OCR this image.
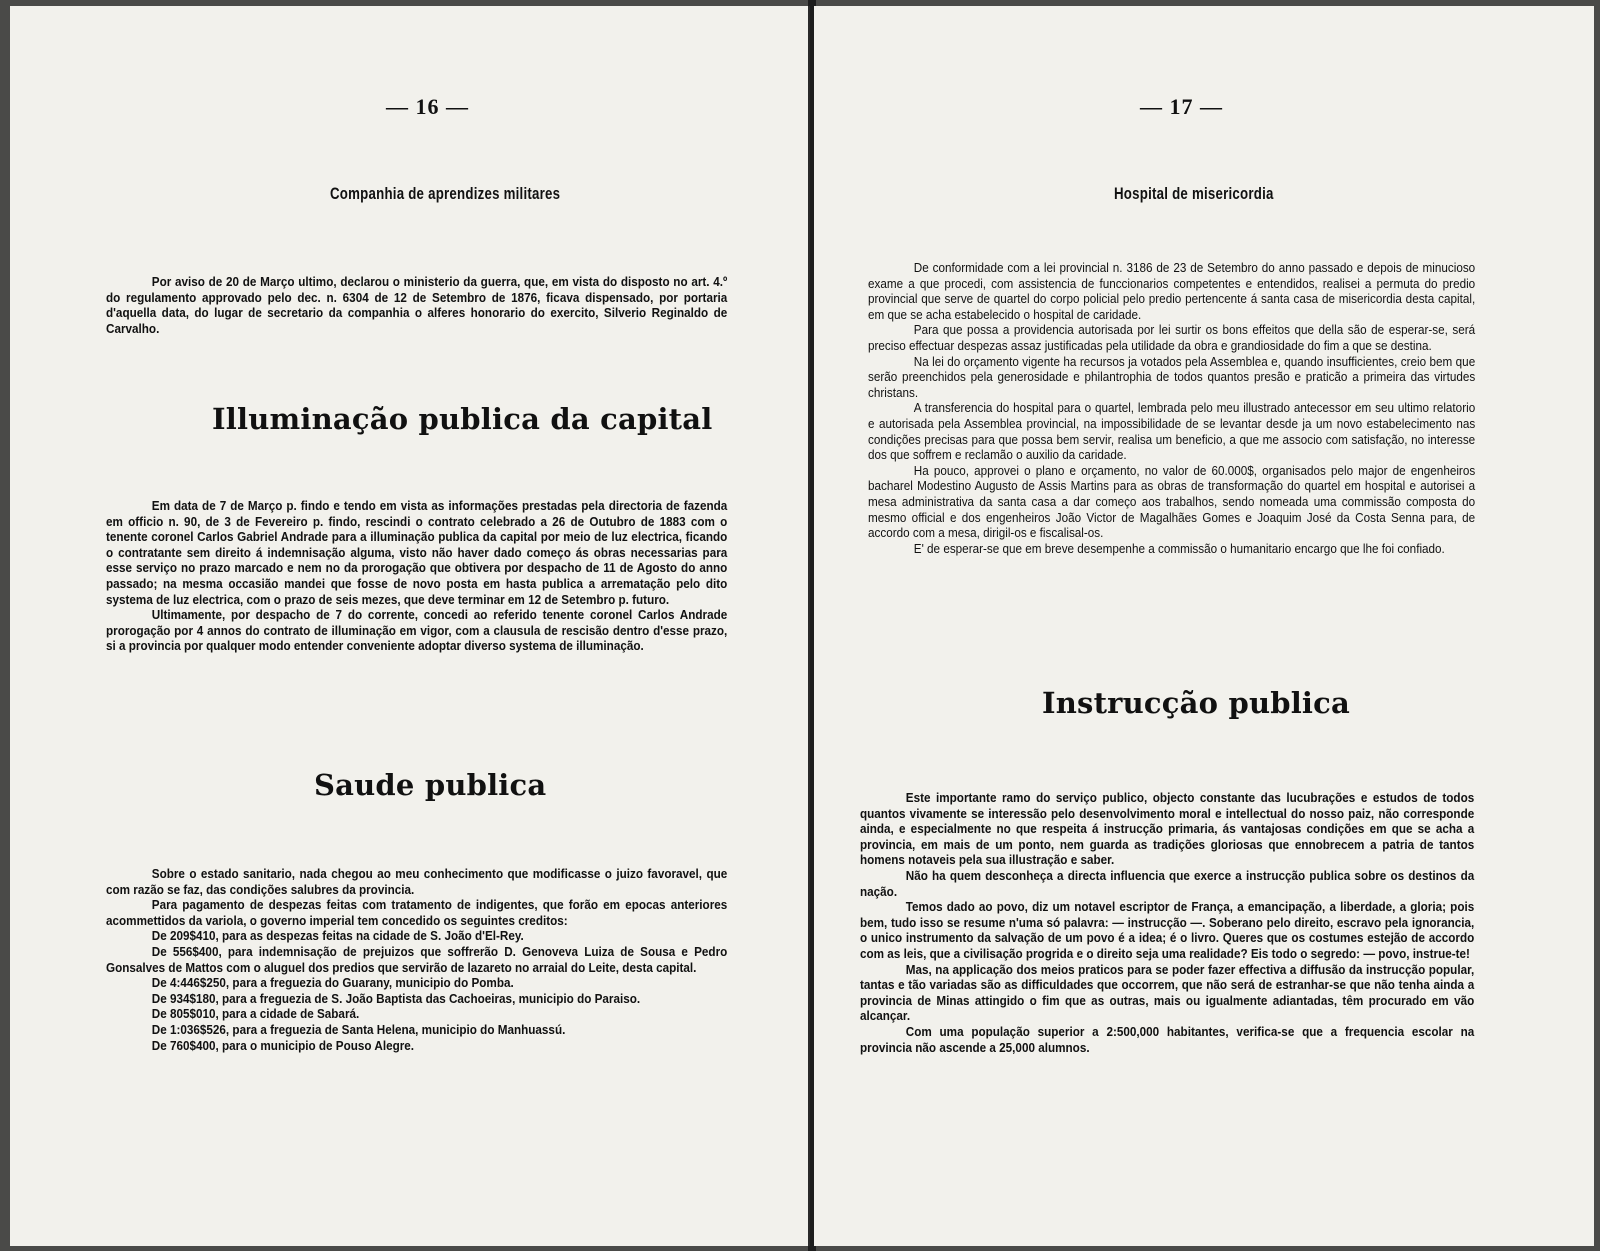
— 16 —
Companhia de aprendizes militares

Por aviso de 20 de Março ultimo, declarou o ministerio da guerra, que, em vista do disposto no art. 4.º do regulamento approvado pelo dec. n. 6304 de 12 de Setembro de 1876, ficava dispensado, por portaria d'aquella data, do lugar de secretario da companhia o alferes honorario do exercito, Silverio Reginaldo de Carvalho.

Illuminação publica da capital

Em data de 7 de Março p. findo e tendo em vista as informações prestadas pela directoria de fazenda em officio n. 90, de 3 de Fevereiro p. findo, rescindi o contrato celebrado a 26 de Outubro de 1883 com o tenente coronel Carlos Gabriel Andrade para a illuminação publica da capital por meio de luz electrica, ficando o contratante sem direito á indemnisação alguma, visto não haver dado começo ás obras necessarias para esse serviço no prazo marcado e nem no da prorogação que obtivera por despacho de 11 de Agosto do anno passado; na mesma occasião mandei que fosse de novo posta em hasta publica a arrematação pelo dito systema de luz electrica, com o prazo de seis mezes, que deve terminar em 12 de Setembro p. futuro.

Ultimamente, por despacho de 7 do corrente, concedi ao referido tenente coronel Carlos Andrade prorogação por 4 annos do contrato de illuminação em vigor, com a clausula de rescisão dentro d'esse prazo, si a provincia por qualquer modo entender conveniente adoptar diverso systema de illuminação.

Saude publica

Sobre o estado sanitario, nada chegou ao meu conhecimento que modificasse o juizo favoravel, que com razão se faz, das condições salubres da provincia.

Para pagamento de despezas feitas com tratamento de indigentes, que forão em epocas anteriores acommettidos da variola, o governo imperial tem concedido os seguintes creditos:

De 209$410, para as despezas feitas na cidade de S. João d'El-Rey.

De 556$400, para indemnisação de prejuizos que soffrerão D. Genoveva Luiza de Sousa e Pedro Gonsalves de Mattos com o aluguel dos predios que servirão de lazareto no arraial do Leite, desta capital.

De 4:446$250, para a freguezia do Guarany, municipio do Pomba.

De 934$180, para a freguezia de S. João Baptista das Cachoeiras, municipio do Paraiso.

De 805$010, para a cidade de Sabará.

De 1:036$526, para a freguezia de Santa Helena, municipio do Manhuassú.

De 760$400, para o municipio de Pouso Alegre.

— 17 —
Hospital de misericordia

De conformidade com a lei provincial n. 3186 de 23 de Setembro do anno passado e depois de minucioso exame a que procedi, com assistencia de funccionarios competentes e entendidos, realisei a permuta do predio provincial que serve de quartel do corpo policial pelo predio pertencente á santa casa de misericordia desta capital, em que se acha estabelecido o hospital de caridade.

Para que possa a providencia autorisada por lei surtir os bons effeitos que della são de esperar-se, será preciso effectuar despezas assaz justificadas pela utilidade da obra e grandiosidade do fim a que se destina.

Na lei do orçamento vigente ha recursos ja votados pela Assemblea e, quando insufficientes, creio bem que serão preenchidos pela generosidade e philantrophia de todos quantos presão e praticão a primeira das virtudes christans.

A transferencia do hospital para o quartel, lembrada pelo meu illustrado antecessor em seu ultimo relatorio e autorisada pela Assemblea provincial, na impossibilidade de se levantar desde ja um novo estabelecimento nas condições precisas para que possa bem servir, realisa um beneficio, a que me associo com satisfação, no interesse dos que soffrem e reclamão o auxilio da caridade.

Ha pouco, approvei o plano e orçamento, no valor de 60.000$, organisados pelo major de engenheiros bacharel Modestino Augusto de Assis Martins para as obras de transformação do quartel em hospital e autorisei a mesa administrativa da santa casa a dar começo aos trabalhos, sendo nomeada uma commissão composta do mesmo official e dos engenheiros João Victor de Magalhães Gomes e Joaquim José da Costa Senna para, de accordo com a mesa, dirigil-os e fiscalisal-os.

E' de esperar-se que em breve desempenhe a commissão o humanitario encargo que lhe foi confiado.

Instrucção publica

Este importante ramo do serviço publico, objecto constante das lucubrações e estudos de todos quantos vivamente se interessão pelo desenvolvimento moral e intellectual do nosso paiz, não corresponde ainda, e especialmente no que respeita á instrucção primaria, ás vantajosas condições em que se acha a provincia, em mais de um ponto, nem guarda as tradições gloriosas que ennobrecem a patria de tantos homens notaveis pela sua illustração e saber.

Não ha quem desconheça a directa influencia que exerce a instrucção publica sobre os destinos da nação.

Temos dado ao povo, diz um notavel escriptor de França, a emancipação, a liberdade, a gloria; pois bem, tudo isso se resume n'uma só palavra: — instrucção —. Soberano pelo direito, escravo pela ignorancia, o unico instrumento da salvação de um povo é a idea; é o livro. Queres que os costumes estejão de accordo com as leis, que a civilisação progrida e o direito seja uma realidade? Eis todo o segredo: — povo, instrue-te!

Mas, na applicação dos meios praticos para se poder fazer effectiva a diffusão da instrucção popular, tantas e tão variadas são as difficuldades que occorrem, que não será de estranhar-se que não tenha ainda a provincia de Minas attingido o fim que as outras, mais ou igualmente adiantadas, têm procurado em vão alcançar.

Com uma população superior a 2:500,000 habitantes, verifica-se que a frequencia escolar na provincia não ascende a 25,000 alumnos.
